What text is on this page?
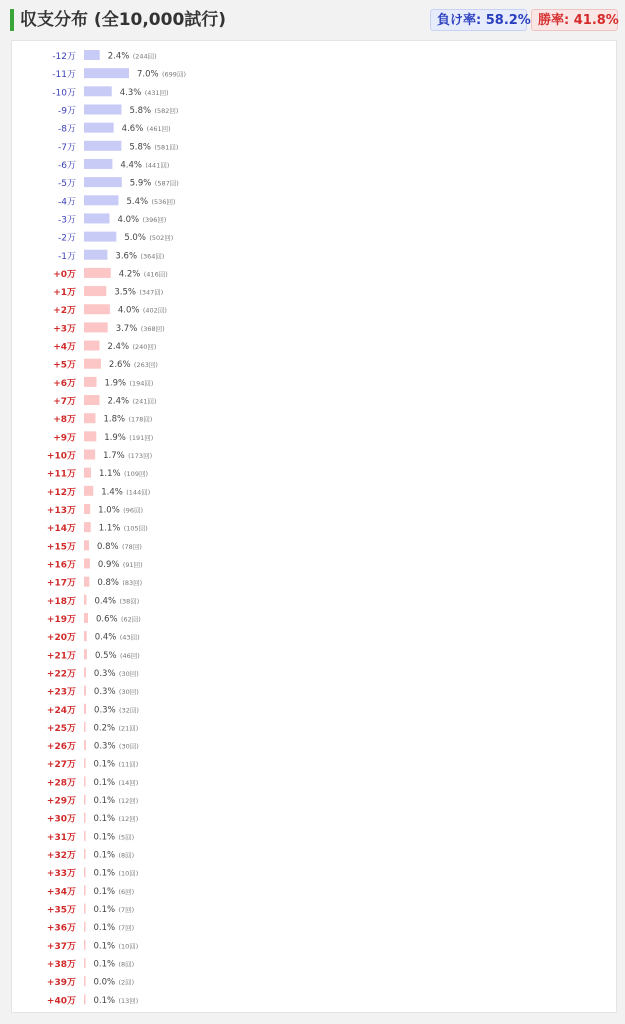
収支分布 (全10,000試行)	負け率: 58.2% 勝率: 41.8%
-12万	2.4% (244回)
-11万	7.0% (699回)
-10万	4.3% (431回)
-9万	5.8% (582回)
-8万	4.6% (461回)
-7万	5.8% (581回)
-6万	4.4% (441回)
-5万	5.9% (587回)
-4万	5.4% (536回)
-3万	4.0% (396回)
-2万	5.0% (502回)
-1万	3.6% (364回)
+0万	4.2% (416回)
+1万	3.5% (347回)
+2万	4.0% (402回)
+3万	3.7% (368回)
+4万	2.4% (240回)
+5万	2.6% (263回)
+6万	1.9% (194回)
+7万	2.4% (241回)
+8万	1.8% (178回)
+9万	1.9% (191回)
+10万	1.7% (173回)
+11万	1.1% (109回)
+12万	1.4% (144回)
+13万	1.0% (96回)
+14万	1.1% (105回)
+15万 0.8% (78回)
+16万	0.9% (91回)
+17万	0.8% (83回)
+18万 0.4% (38回)
+19万 0.6% (62回)
+20万 0.4% (43回)
+21万 0.5% (46回)
+22万 0.3% (30回)
+23万 0.3% (30回)
+24万 0.3% (32回)
+25万 0.2% (21回)
+26万 0.3% (30回)
+27万 0.1% (11回)
+28万 0.1% (14回)
+29万 0.1% (12回)
+30万 0.1% (12回)
+31万 0.1% (5回)
+32万 0.1% (8回)
+33万 0.1% (10回)
+34万 0.1% (6回)
+35万 0.1% (7回)
+36万 0.1% (7回)
+37万 0.1% (10回)
+38万 0.1% (8回)
+39万 0.0% (2回)
+40万 0.1% (13回)
